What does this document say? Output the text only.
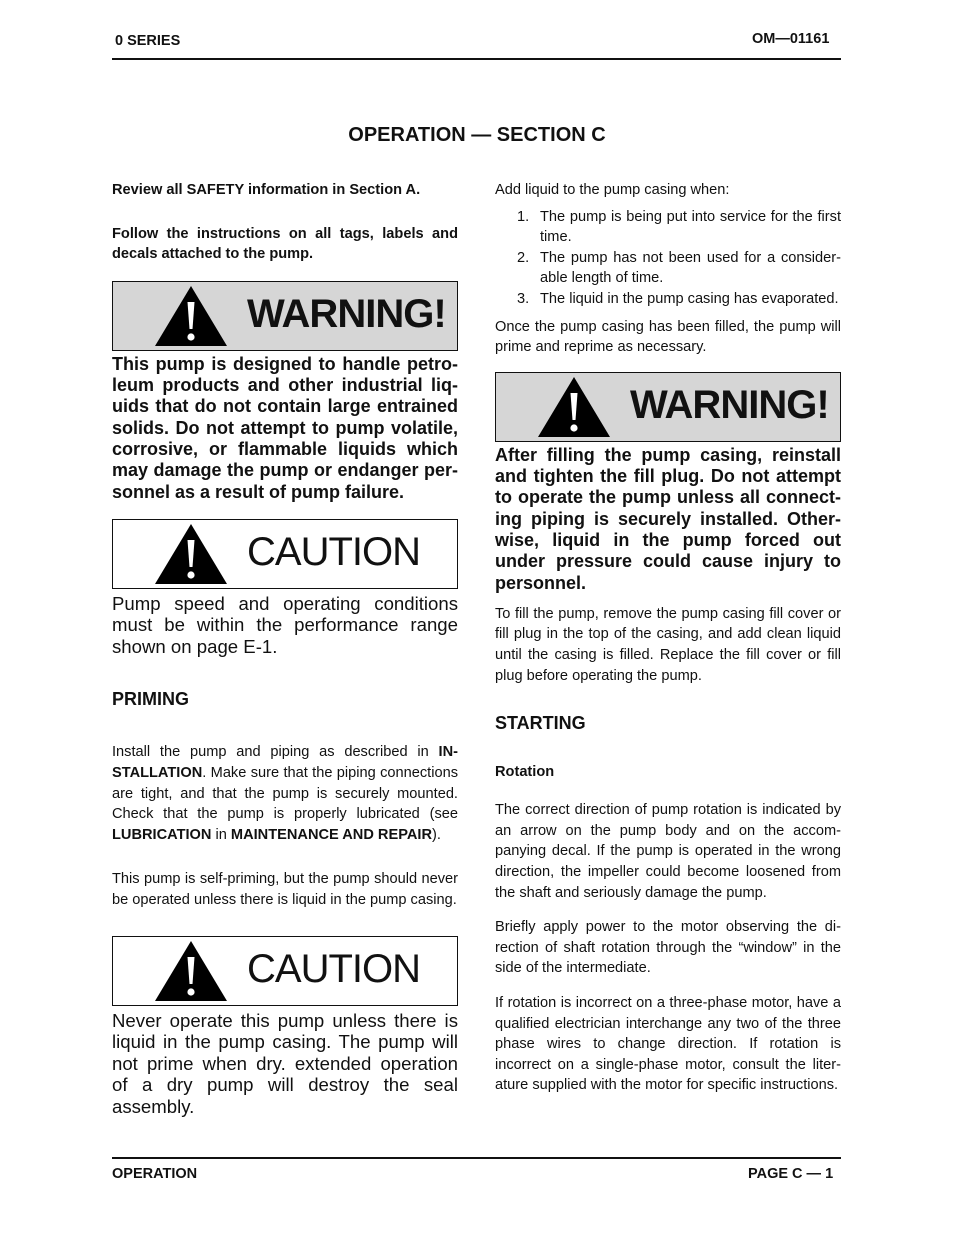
0 SERIES	OM—01161
OPERATION — SECTION C

Review all SAFETY information in Section A.

Follow the instructions on all tags, labels and decals attached to the pump.

WARNING!

This pump is designed to handle petroleum products and other industrial liquids that do not contain large entrained solids. Do not attempt to pump volatile, corrosive, or flammable liquids which may damage the pump or endanger personnel as a result of pump failure.

CAUTION

Pump speed and operating conditions must be within the performance range shown on page E-1.

PRIMING

Install the pump and piping as described in INSTALLATION. Make sure that the piping connections are tight, and that the pump is securely mounted. Check that the pump is properly lubricated (see LUBRICATION in MAINTENANCE AND REPAIR).

This pump is self-priming, but the pump should never be operated unless there is liquid in the pump casing.

CAUTION

Never operate this pump unless there is liquid in the pump casing. The pump will not prime when dry. extended operation of a dry pump will destroy the seal assembly.

Add liquid to the pump casing when:

1. The pump is being put into service for the first time.
2. The pump has not been used for a considerable length of time.
3. The liquid in the pump casing has evaporated.

Once the pump casing has been filled, the pump will prime and reprime as necessary.

WARNING!

After filling the pump casing, reinstall and tighten the fill plug. Do not attempt to operate the pump unless all connecting piping is securely installed. Otherwise, liquid in the pump forced out under pressure could cause injury to personnel.

To fill the pump, remove the pump casing fill cover or fill plug in the top of the casing, and add clean liquid until the casing is filled. Replace the fill cover or fill plug before operating the pump.

STARTING
Rotation

The correct direction of pump rotation is indicated by an arrow on the pump body and on the accompanying decal. If the pump is operated in the wrong direction, the impeller could become loosened from the shaft and seriously damage the pump.

Briefly apply power to the motor observing the direction of shaft rotation through the “window” in the side of the intermediate.

If rotation is incorrect on a three-phase motor, have a qualified electrician interchange any two of the three phase wires to change direction. If rotation is incorrect on a single-phase motor, consult the literature supplied with the motor for specific instructions.

OPERATION	PAGE C — 1
